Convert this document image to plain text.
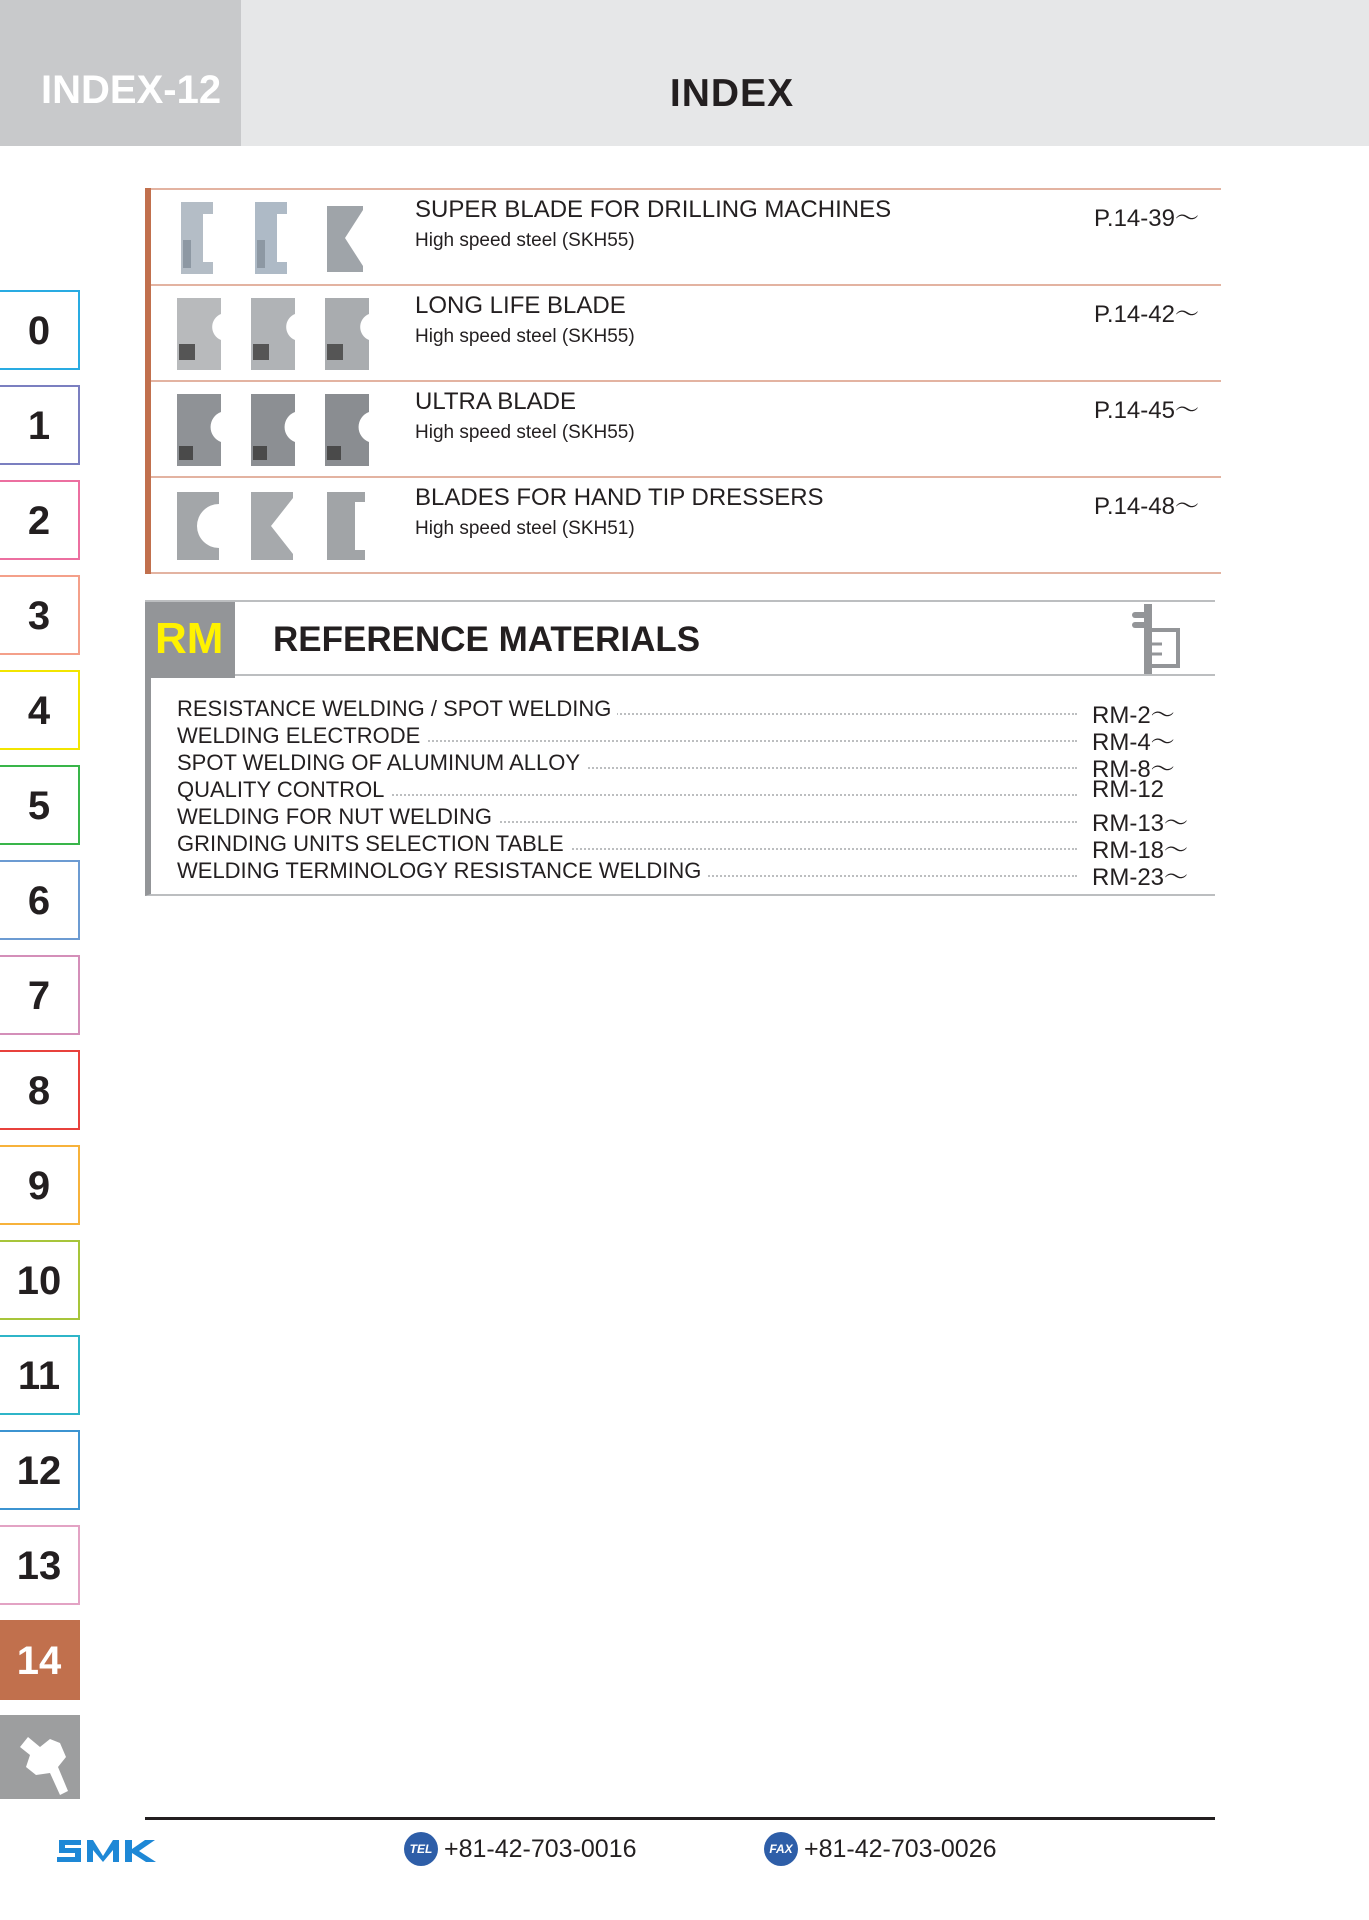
INDEX-12	INDEX
0
1
2
3
4
5
6
7
8
9
10
11
12
13
14
SUPER BLADE FOR DRILLING MACHINES
High speed steel (SKH55)
P.14-39～
LONG LIFE BLADE
High speed steel (SKH55)
P.14-42～
ULTRA BLADE
High speed steel (SKH55)
P.14-45～
BLADES FOR HAND TIP DRESSERS
High speed steel (SKH51)
P.14-48～
RM REFERENCE MATERIALS
RESISTANCE WELDING / SPOT WELDING	RM-2～
WELDING ELECTRODE	RM-4～
SPOT WELDING OF ALUMINUM ALLOY	RM-8～
QUALITY CONTROL	RM-12
WELDING FOR NUT WELDING	RM-13～
GRINDING UNITS SELECTION TABLE	RM-18～
WELDING TERMINOLOGY RESISTANCE WELDING	RM-23～
TEL +81-42-703-0016	FAX +81-42-703-0026
